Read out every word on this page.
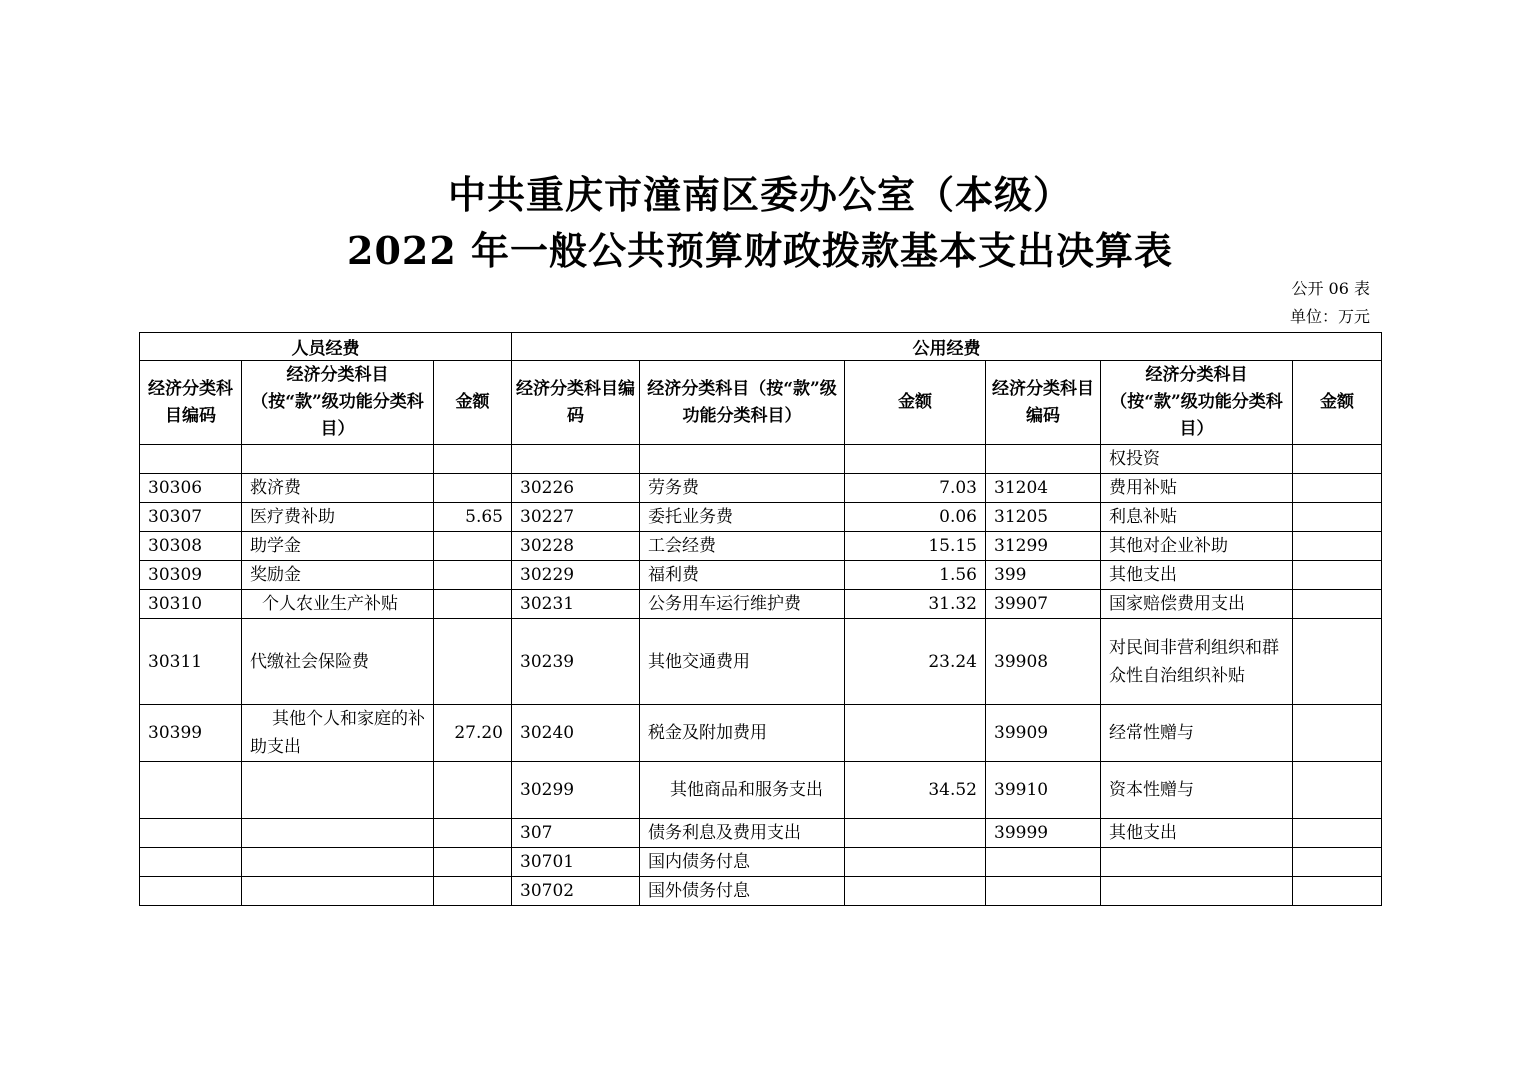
中共重庆市潼南区委办公室（本级）
2022 年一般公共预算财政拨款基本支出决算表
公开 06 表
单位：万元
人员经费			公用经费					
经济分类科目编码	经济分类科目（按“款”级功能分类科目）	金额	经济分类科目编码	经济分类科目（按“款”级功能分类科目）	金额	经济分类科目编码	经济分类科目（按“款”级功能分类科目）	金额
							权投资	
30306	救济费		30226	劳务费	7.03	31204	费用补贴	
30307	医疗费补助	5.65	30227	委托业务费	0.06	31205	利息补贴	
30308	助学金		30228	工会经费	15.15	31299	其他对企业补助	
30309	奖励金		30229	福利费	1.56	399	其他支出	
30310	个人农业生产补贴		30231	公务用车运行维护费	31.32	39907	国家赔偿费用支出	
30311	代缴社会保险费		30239	其他交通费用	23.24	39908	对民间非营利组织和群众性自治组织补贴	
30399	其他个人和家庭的补助支出	27.20	30240	税金及附加费用		39909	经常性赠与	
			30299	其他商品和服务支出	34.52	39910	资本性赠与	
			307	债务利息及费用支出		39999	其他支出	
			30701	国内债务付息				
			30702	国外债务付息				
